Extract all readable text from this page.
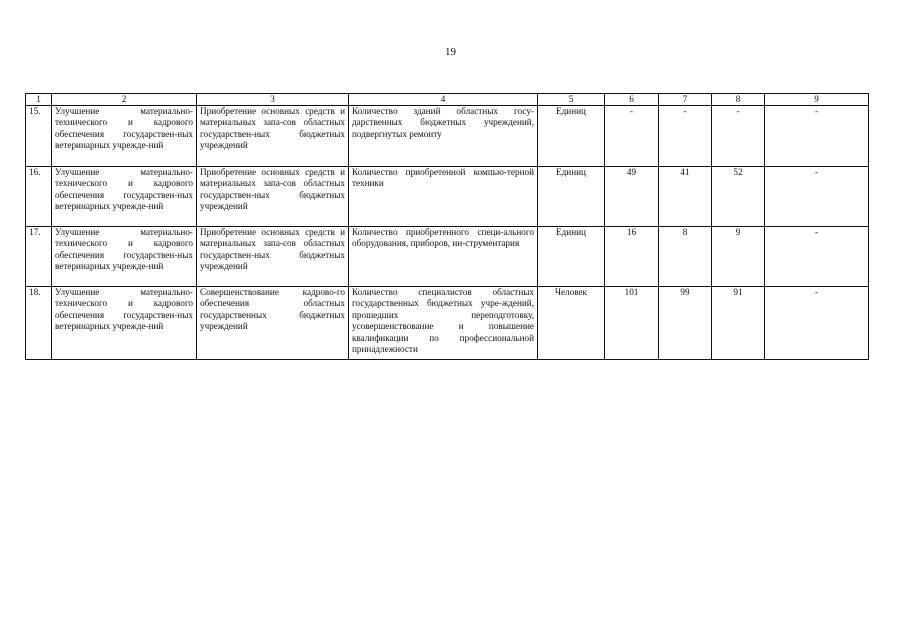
19
1	2	3	4	5	6	7	8	9
15.	Улучшение материально-технического и кадрового обеспечения государствен-ных ветеринарных учрежде-ний	Приобретение основных средств и материальных запа-сов областных государствен-ных бюджетных учреждений	Количество зданий областных госу-дарственных бюджетных учреждений, подвергнутых ремонту	Единиц	-	-	-	-
16.	Улучшение материально-технического и кадрового обеспечения государствен-ных ветеринарных учрежде-ний	Приобретение основных средств и материальных запа-сов областных государствен-ных бюджетных учреждений	Количество приобретенной компью-терной техники	Единиц	49	41	52	-
17.	Улучшение материально-технического и кадрового обеспечения государствен-ных ветеринарных учрежде-ний	Приобретение основных средств и материальных запа-сов областных государствен-ных бюджетных учреждений	Количество приобретенного специ-ального оборудования, приборов, ин-струментария	Единиц	16	8	9	-
18.	Улучшение материально-технического и кадрового обеспечения государствен-ных ветеринарных учрежде-ний	Совершенствование кадрово-го обеспечения областных государственных бюджетных учреждений	Количество специалистов областных государственных бюджетных учре-ждений, прошедших переподготовку, усовершенствование и повышение квалификации по профессиональной принадлежности	Человек	101	99	91	-
